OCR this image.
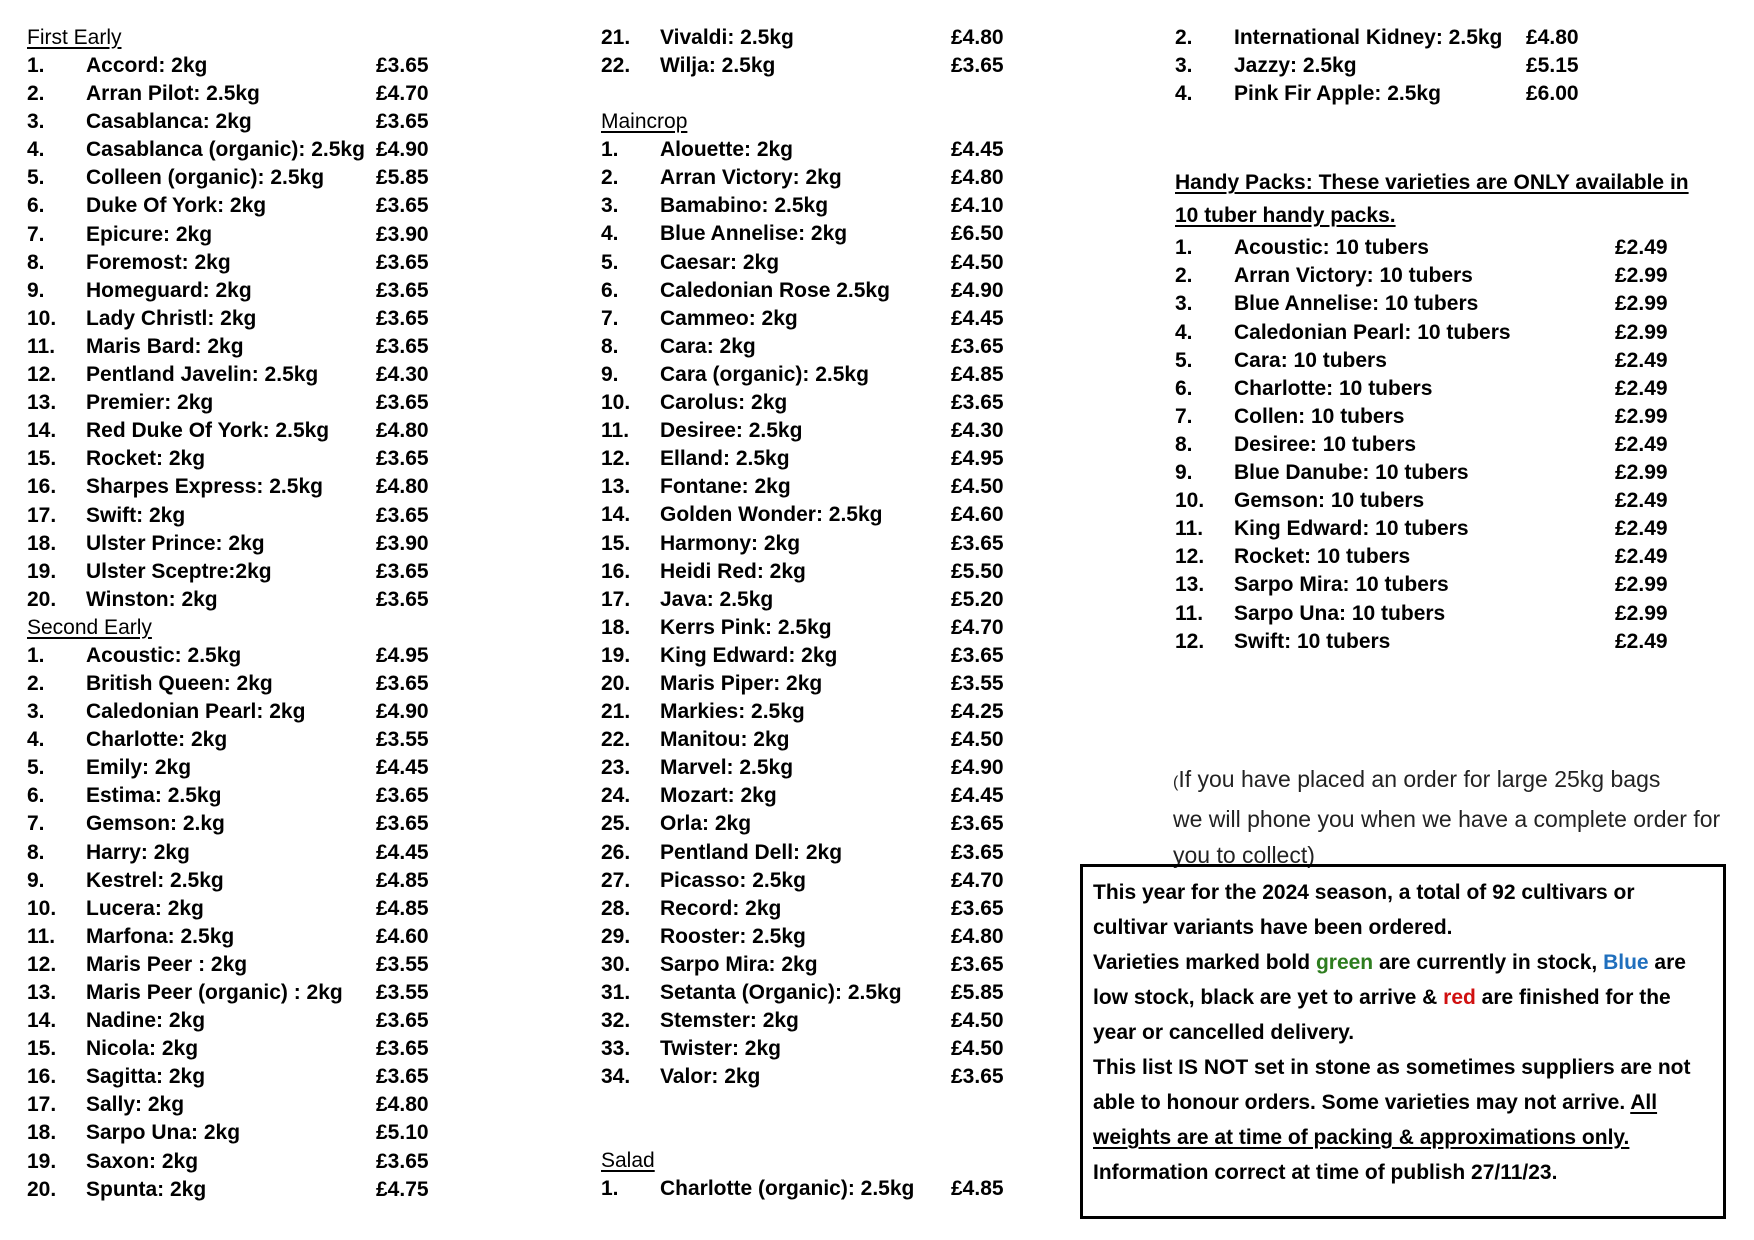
First Early
1. Accord: 2kg	£3.65
2. Arran Pilot: 2.5kg	£4.70
3. Casablanca: 2kg	£3.65
4. Casablanca (organic): 2.5kg £4.90
5. Colleen (organic): 2.5kg £5.85
6. Duke Of York: 2kg	£3.65
7. Epicure: 2kg	£3.90
8. Foremost: 2kg	£3.65
9. Homeguard: 2kg	£3.65
10. Lady Christl: 2kg	£3.65
11. Maris Bard: 2kg	£3.65
12. Pentland Javelin: 2.5kg	£4.30
13. Premier: 2kg	£3.65
14. Red Duke Of York: 2.5kg £4.80
15. Rocket: 2kg	£3.65
16. Sharpes Express: 2.5kg	£4.80
17. Swift: 2kg	£3.65
18. Ulster Prince: 2kg	£3.90
19. Ulster Sceptre:2kg	£3.65
20. Winston: 2kg	£3.65
Second Early
1. Acoustic: 2.5kg	£4.95
2. British Queen: 2kg	£3.65
3. Caledonian Pearl: 2kg	£4.90
4. Charlotte: 2kg	£3.55
5. Emily: 2kg	£4.45
6. Estima: 2.5kg	£3.65
7. Gemson: 2.kg	£3.65
8. Harry: 2kg	£4.45
9. Kestrel: 2.5kg	£4.85
10. Lucera: 2kg	£4.85
11. Marfona: 2.5kg	£4.60
12. Maris Peer : 2kg	£3.55
13. Maris Peer (organic) : 2kg £3.55
14. Nadine: 2kg	£3.65
15. Nicola: 2kg	£3.65
16. Sagitta: 2kg	£3.65
17. Sally: 2kg	£4.80
18. Sarpo Una: 2kg	£5.10
19. Saxon: 2kg	£3.65
20. Spunta: 2kg	£4.75
21. Vivaldi: 2.5kg	£4.80
22. Wilja: 2.5kg	£3.65
Maincrop
1. Alouette: 2kg	£4.45
2. Arran Victory: 2kg	£4.80
3. Bamabino: 2.5kg	£4.10
4. Blue Annelise: 2kg	£6.50
5. Caesar: 2kg	£4.50
6. Caledonian Rose 2.5kg	£4.90
7. Cammeo: 2kg	£4.45
8. Cara: 2kg	£3.65
9. Cara (organic): 2.5kg	£4.85
10. Carolus: 2kg	£3.65
11. Desiree: 2.5kg	£4.30
12. Elland: 2.5kg	£4.95
13. Fontane: 2kg	£4.50
14. Golden Wonder: 2.5kg	£4.60
15. Harmony: 2kg	£3.65
16. Heidi Red: 2kg	£5.50
17. Java: 2.5kg	£5.20
18. Kerrs Pink: 2.5kg	£4.70
19. King Edward: 2kg	£3.65
20. Maris Piper: 2kg	£3.55
21. Markies: 2.5kg	£4.25
22. Manitou: 2kg	£4.50
23. Marvel: 2.5kg	£4.90
24. Mozart: 2kg	£4.45
25. Orla: 2kg	£3.65
26. Pentland Dell: 2kg	£3.65
27. Picasso: 2.5kg	£4.70
28. Record: 2kg	£3.65
29. Rooster: 2.5kg	£4.80
30. Sarpo Mira: 2kg	£3.65
31. Setanta (Organic): 2.5kg £5.85
32. Stemster: 2kg	£4.50
33. Twister: 2kg	£4.50
34. Valor: 2kg	£3.65
Salad
1. Charlotte (organic): 2.5kg £4.85
2. International Kidney: 2.5kg £4.80
3. Jazzy: 2.5kg	£5.15
4. Pink Fir Apple: 2.5kg	£6.00
Handy Packs: These varieties are ONLY available in 10 tuber handy packs.
1. Acoustic: 10 tubers	£2.49
2. Arran Victory: 10 tubers	£2.99
3. Blue Annelise: 10 tubers	£2.99
4. Caledonian Pearl: 10 tubers	£2.99
5. Cara: 10 tubers	£2.49
6. Charlotte: 10 tubers	£2.49
7. Collen: 10 tubers	£2.99
8. Desiree: 10 tubers	£2.49
9. Blue Danube: 10 tubers	£2.99
10. Gemson: 10 tubers	£2.49
11. King Edward: 10 tubers	£2.49
12. Rocket: 10 tubers	£2.49
13. Sarpo Mira: 10 tubers	£2.99
11. Sarpo Una: 10 tubers	£2.99
12. Swift: 10 tubers	£2.49
(If you have placed an order for large 25kg bags
we will phone you when we have a complete order for
you to collect)

This year for the 2024 season, a total of 92 cultivars or cultivar variants have been ordered.

Varieties marked bold green are currently in stock, Blue are low stock, black are yet to arrive & red are finished for the year or cancelled delivery.

This list IS NOT set in stone as sometimes suppliers are not able to honour orders. Some varieties may not arrive. All weights are at time of packing & approximations only.

Information correct at time of publish 27/11/23.
